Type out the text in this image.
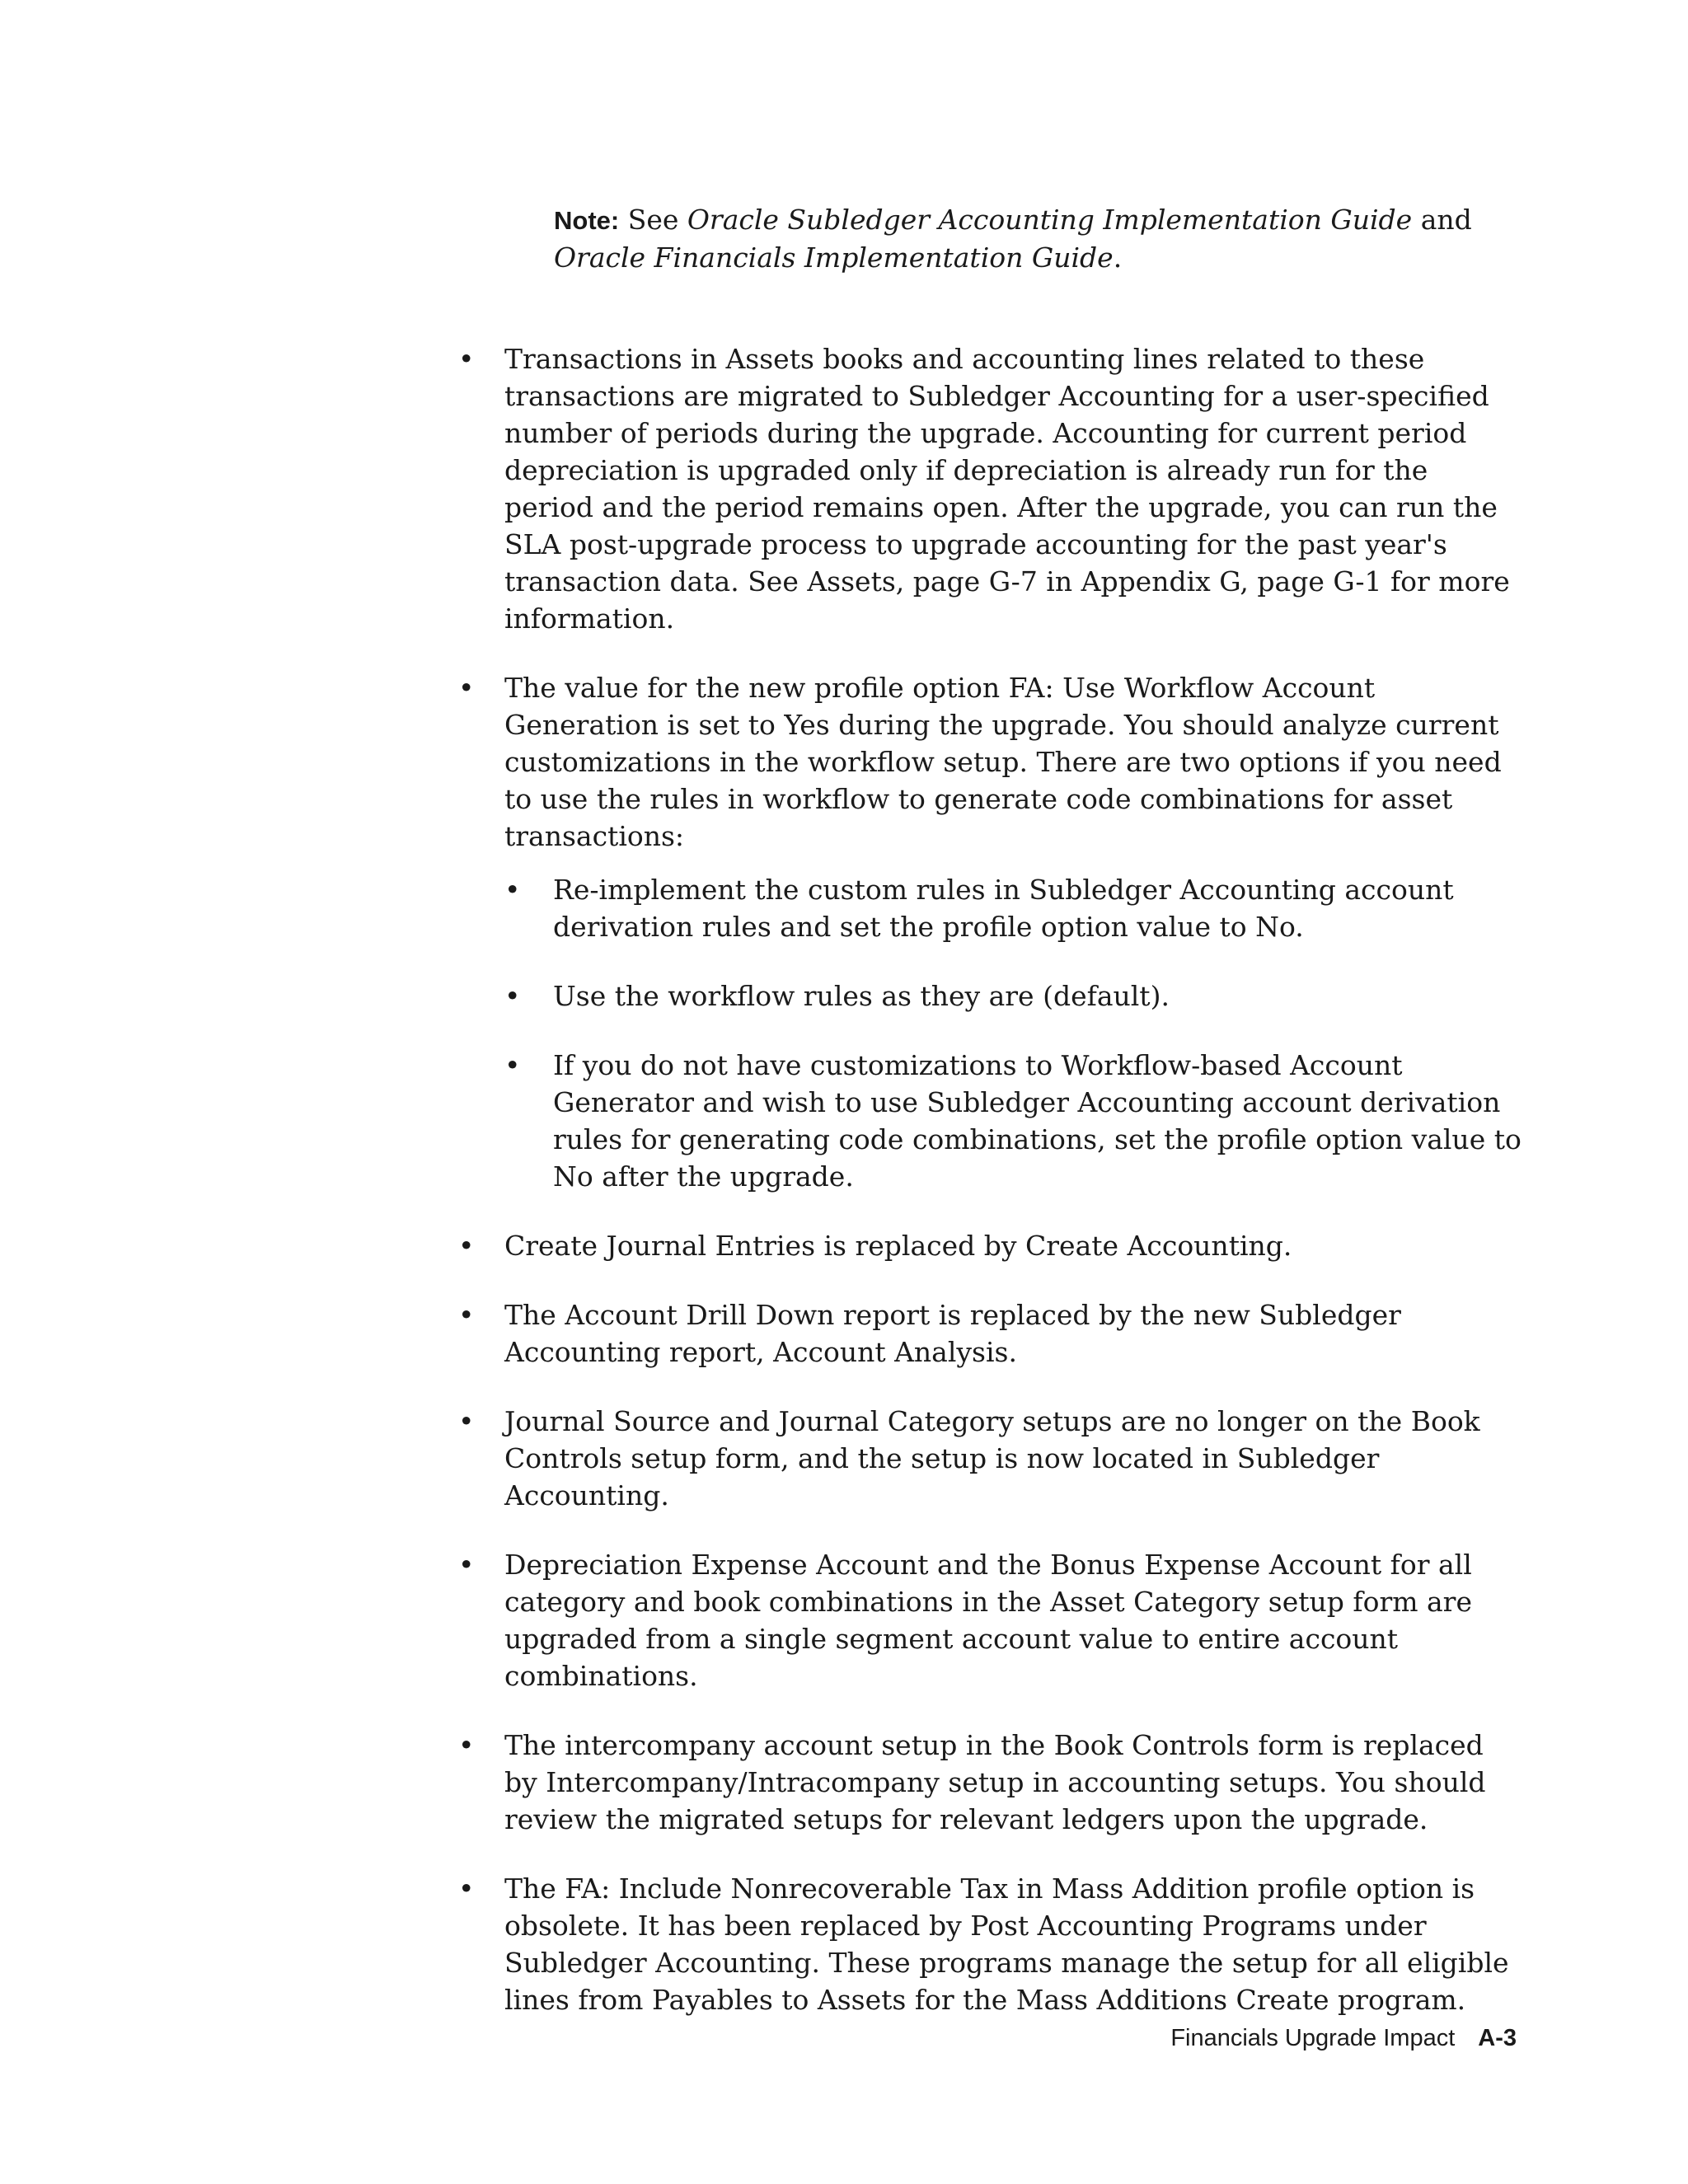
Note: See Oracle Subledger Accounting Implementation Guide and Oracle Financials Implementation Guide.
• Transactions in Assets books and accounting lines related to these transactions are migrated to Subledger Accounting for a user-specified number of periods during the upgrade. Accounting for current period depreciation is upgraded only if depreciation is already run for the period and the period remains open. After the upgrade, you can run the SLA post-upgrade process to upgrade accounting for the past year's transaction data. See Assets, page G-7 in Appendix G, page G-1 for more information.
• The value for the new profile option FA: Use Workflow Account Generation is set to Yes during the upgrade. You should analyze current customizations in the workflow setup. There are two options if you need to use the rules in workflow to generate code combinations for asset transactions:
• Re-implement the custom rules in Subledger Accounting account derivation rules and set the profile option value to No.
• Use the workflow rules as they are (default).
• If you do not have customizations to Workflow-based Account Generator and wish to use Subledger Accounting account derivation rules for generating code combinations, set the profile option value to No after the upgrade.
• Create Journal Entries is replaced by Create Accounting.
• The Account Drill Down report is replaced by the new Subledger Accounting report, Account Analysis.
• Journal Source and Journal Category setups are no longer on the Book Controls setup form, and the setup is now located in Subledger Accounting.
• Depreciation Expense Account and the Bonus Expense Account for all category and book combinations in the Asset Category setup form are upgraded from a single segment account value to entire account combinations.
• The intercompany account setup in the Book Controls form is replaced by Intercompany/Intracompany setup in accounting setups. You should review the migrated setups for relevant ledgers upon the upgrade.
• The FA: Include Nonrecoverable Tax in Mass Addition profile option is obsolete. It has been replaced by Post Accounting Programs under Subledger Accounting. These programs manage the setup for all eligible lines from Payables to Assets for the Mass Additions Create program.
Financials Upgrade Impact A-3
